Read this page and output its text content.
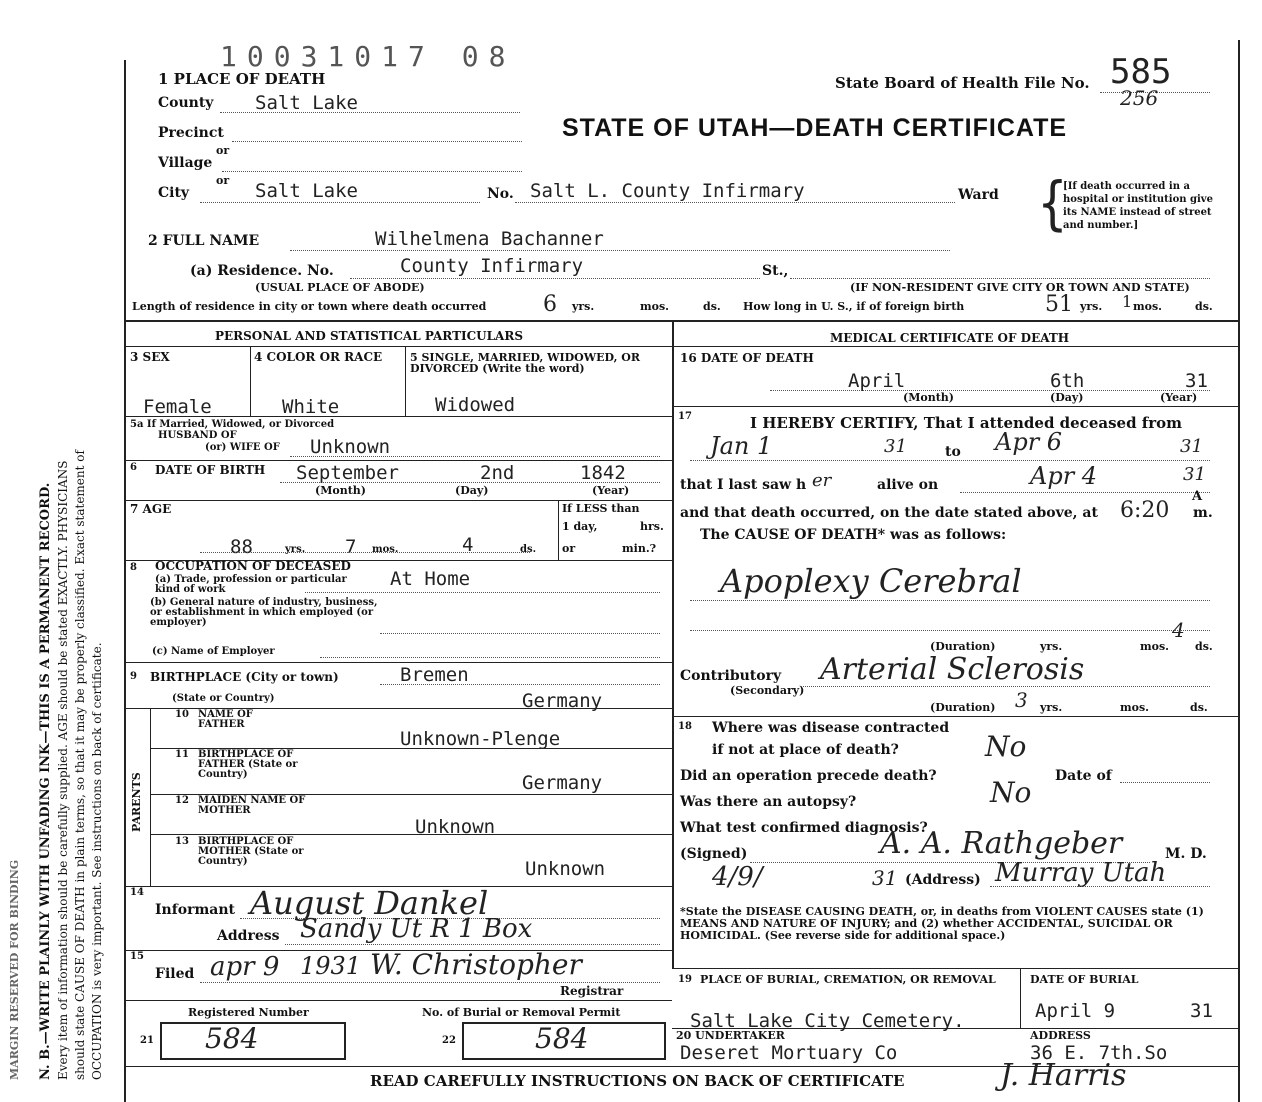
N. B.—WRITE PLAINLY WITH UNFADING INK—THIS IS A PERMANENT RECORD. Every item of information should be carefully supplied. AGE should be stated EXACTLY. PHYSICIANS should state CAUSE OF DEATH in plain terms, so that it may be properly classified. Exact statement of OCCUPATION is very important. See instructions on back of certificate.
MARGIN RESERVED FOR BINDING
10031017 08
1 PLACE OF DEATH	State Board of Health File No. 585
256
STATE OF UTAH—DEATH CERTIFICATE
County Salt Lake
Precinct
or
Village
or
City	Salt Lake	No. Salt L. County Infirmary	Ward {
[If death occurred in a hospital or institution give its NAME instead of street and number.]
2 FULL NAME	Wilhelmena Bachanner
(a) Residence. No.	County Infirmary	St.,
(USUAL PLACE OF ABODE)	(IF NON-RESIDENT GIVE CITY OR TOWN AND STATE)
Length of residence in city or town where death occurred	6 yrs.	mos.	ds. How long in U. S., if of foreign birth	51 yrs. 1 mos.	ds.
PERSONAL AND STATISTICAL PARTICULARS	MEDICAL CERTIFICATE OF DEATH
3 SEX	4 COLOR OR RACE	5 SINGLE, MARRIED, WIDOWED, OR DIVORCED (Write the word)
Female	White	Widowed
5a If Married, Widowed, or Divorced
HUSBAND OF
(or) WIFE OF Unknown
6 DATE OF BIRTH September	2nd	1842
(Month)	(Day)	(Year)
7 AGE
88	yrs. 7 mos.	4	ds.
If LESS than
1 day,	hrs.
or	min.?
8 OCCUPATION OF DECEASED
(a) Trade, profession or particular kind of work	At Home
(b) General nature of industry, business, or establishment in which employed (or employer)
(c) Name of Employer
9 BIRTHPLACE (City or town)	Bremen
(State or Country)	Germany
PARENTS
10 NAME OF FATHER
Unknown-Plenge
11 BIRTHPLACE OF FATHER (State or Country)	Germany
12 MAIDEN NAME OF MOTHER
Unknown
13 BIRTHPLACE OF MOTHER (State or Country)	Unknown
14
Informant August Dankel
Address Sandy Ut R 1 Box
15
Filed apr 9 1931 W. Christopher
Registrar
Registered Number	No. of Burial or Removal Permit
21 584	22	584
16 DATE OF DEATH
April	6th	31
(Month)	(Day)	(Year)
17	I HEREBY CERTIFY, That I attended deceased from
Jan 1	31	to Apr 6	31
that I last saw h er	alive on	Apr 4	31
and that death occurred, on the date stated above, at 6:20
A
m.
The CAUSE OF DEATH* was as follows:
Apoplexy Cerebral
(Duration)	yrs.	mos.
4
ds.
Contributory
(Secondary)
Arterial Sclerosis
(Duration) 3 yrs.	mos.	ds.
18 Where was disease contracted
if not at place of death?	No
Did an operation precede death?	Date of
Was there an autopsy?	No
What test confirmed diagnosis?
(Signed)	A. A. Rathgeber	M. D.
4/9/	31 (Address) Murray Utah
*State the DISEASE CAUSING DEATH, or, in deaths from VIOLENT CAUSES state (1) MEANS AND NATURE OF INJURY; and (2) whether ACCIDENTAL, SUICIDAL OR HOMICIDAL. (See reverse side for additional space.)
19 PLACE OF BURIAL, CREMATION, OR REMOVAL
Salt Lake City Cemetery.
DATE OF BURIAL
April 9	31
20 UNDERTAKER
Deseret Mortuary Co
ADDRESS
36 E. 7th.So
J. Harris
READ CAREFULLY INSTRUCTIONS ON BACK OF CERTIFICATE
